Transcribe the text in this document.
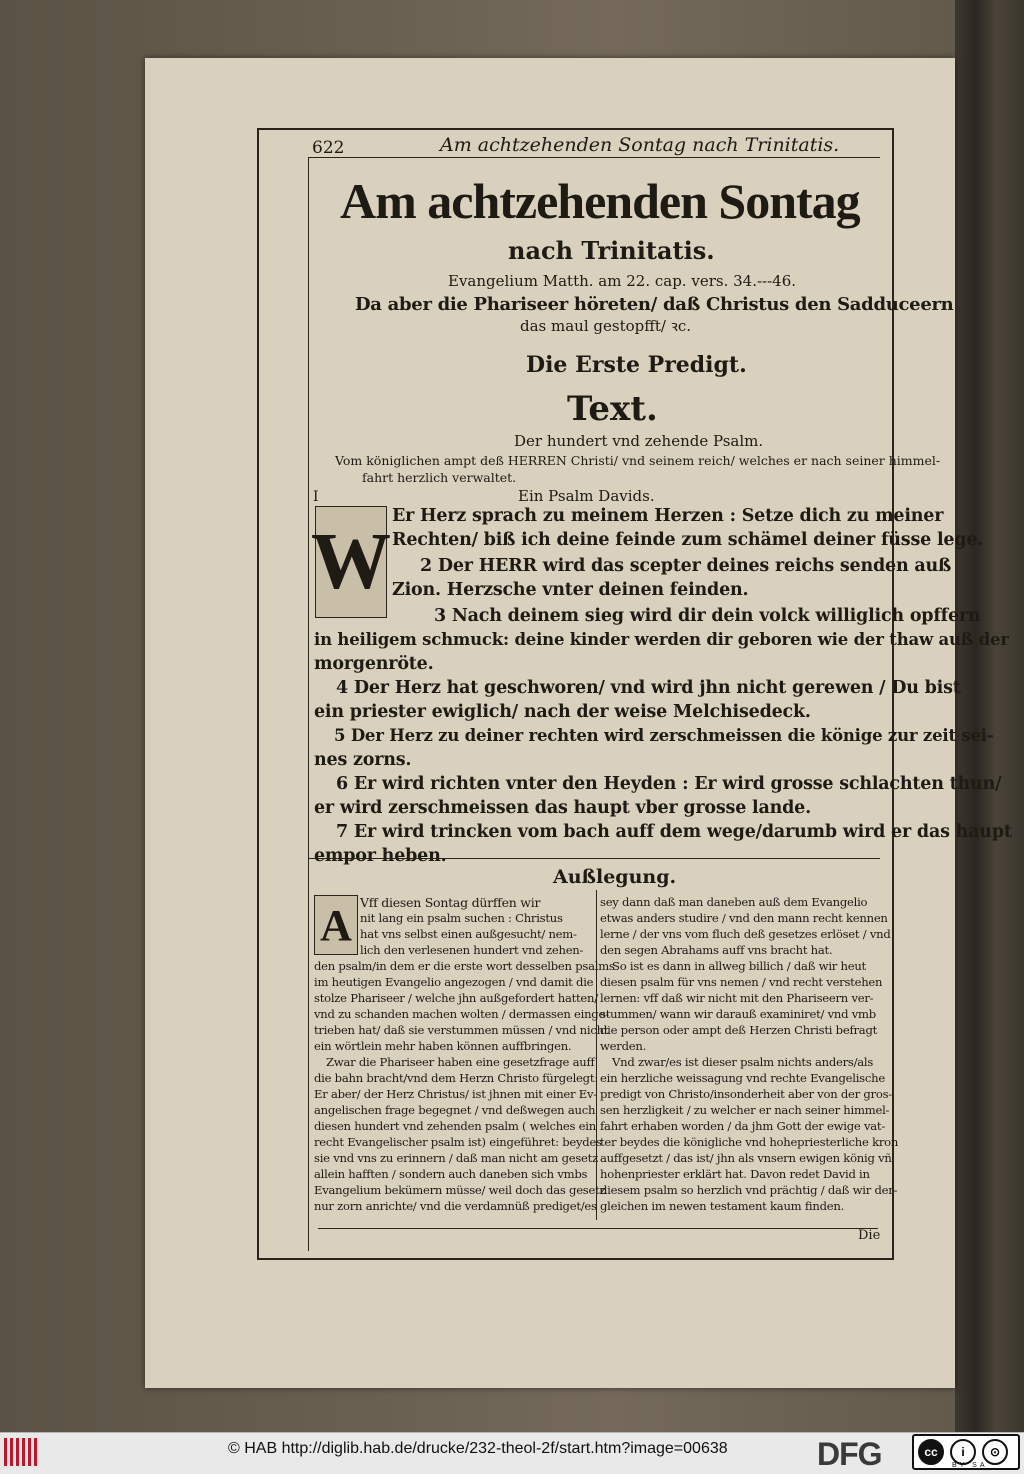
622	Am achtzehenden Sontag nach Trinitatis.

Am achtzehenden Sontag

nach Trinitatis.

Evangelium Matth. am 22. cap. vers. 34.---46.

Da aber die Phariseer höreten/ daß Christus den Sadduceern

das maul gestopfft/ ꝛc.

Die Erste Predigt.

Text.

Der hundert vnd zehende Psalm.

Vom königlichen ampt deß HERREN Christi/ vnd seinem reich/ welches er nach seiner himmel-

fahrt herzlich verwaltet.

I	Ein Psalm Davids.

W

Er Herz sprach zu meinem Herzen : Setze dich zu meiner

Rechten/ biß ich deine feinde zum schämel deiner füsse lege.

2 Der HERR wird das scepter deines reichs senden auß

Zion. Herzsche vnter deinen feinden.

3 Nach deinem sieg wird dir dein volck williglich opffern

in heiligem schmuck: deine kinder werden dir geboren wie der thaw auß der

morgenröte.

4 Der Herz hat geschworen/ vnd wird jhn nicht gerewen / Du bist

ein priester ewiglich/ nach der weise Melchisedeck.

5 Der Herz zu deiner rechten wird zerschmeissen die könige zur zeit sei-

nes zorns.

6 Er wird richten vnter den Heyden : Er wird grosse schlachten thun/

er wird zerschmeissen das haupt vber grosse lande.

7 Er wird trincken vom bach auff dem wege/darumb wird er das haupt

empor heben.

Außlegung.

A Vff diesen Sontag dürffen wir

nit lang ein psalm suchen : Christus

hat vns selbst einen außgesucht/ nem-

lich den verlesenen hundert vnd zehen-

den psalm/in dem er die erste wort desselben psalms

im heutigen Evangelio angezogen / vnd damit die

stolze Phariseer / welche jhn außgefordert hatten/

vnd zu schanden machen wolten / dermassen einge-

trieben hat/ daß sie verstummen müssen / vnd nicht

ein wörtlein mehr haben können auffbringen.

Zwar die Phariseer haben eine gesetzfrage auff

die bahn bracht/vnd dem Herzn Christo fürgelegt:

Er aber/ der Herz Christus/ ist jhnen mit einer Ev-

angelischen frage begegnet / vnd deßwegen auch

diesen hundert vnd zehenden psalm ( welches ein

recht Evangelischer psalm ist) eingeführet: beydes

sie vnd vns zu erinnern / daß man nicht am gesetz

allein hafften / sondern auch daneben sich vmbs

Evangelium bekümern müsse/ weil doch das gesetz

nur zorn anrichte/ vnd die verdamnüß prediget/es

sey dann daß man daneben auß dem Evangelio

etwas anders studire / vnd den mann recht kennen

lerne / der vns vom fluch deß gesetzes erlöset / vnd

den segen Abrahams auff vns bracht hat.

So ist es dann in allweg billich / daß wir heut

diesen psalm für vns nemen / vnd recht verstehen

lernen: vff daß wir nicht mit den Phariseern ver-

stummen/ wann wir darauß examiniret/ vnd vmb

die person oder ampt deß Herzen Christi befragt

werden.

Vnd zwar/es ist dieser psalm nichts anders/als

ein herzliche weissagung vnd rechte Evangelische

predigt von Christo/insonderheit aber von der gros-

sen herzligkeit / zu welcher er nach seiner himmel-

fahrt erhaben worden / da jhm Gott der ewige vat-

ter beydes die königliche vnd hohepriesterliche kron

auffgesetzt / das ist/ jhn als vnsern ewigen könig vñ

hohenpriester erklärt hat. Davon redet David in

diesem psalm so herzlich vnd prächtig / daß wir der-

gleichen im newen testament kaum finden.

Die

© HAB http://diglib.hab.de/drucke/232-theol-2f/start.htm?image=00638	DFG	cc	i	⊙
BY SA
